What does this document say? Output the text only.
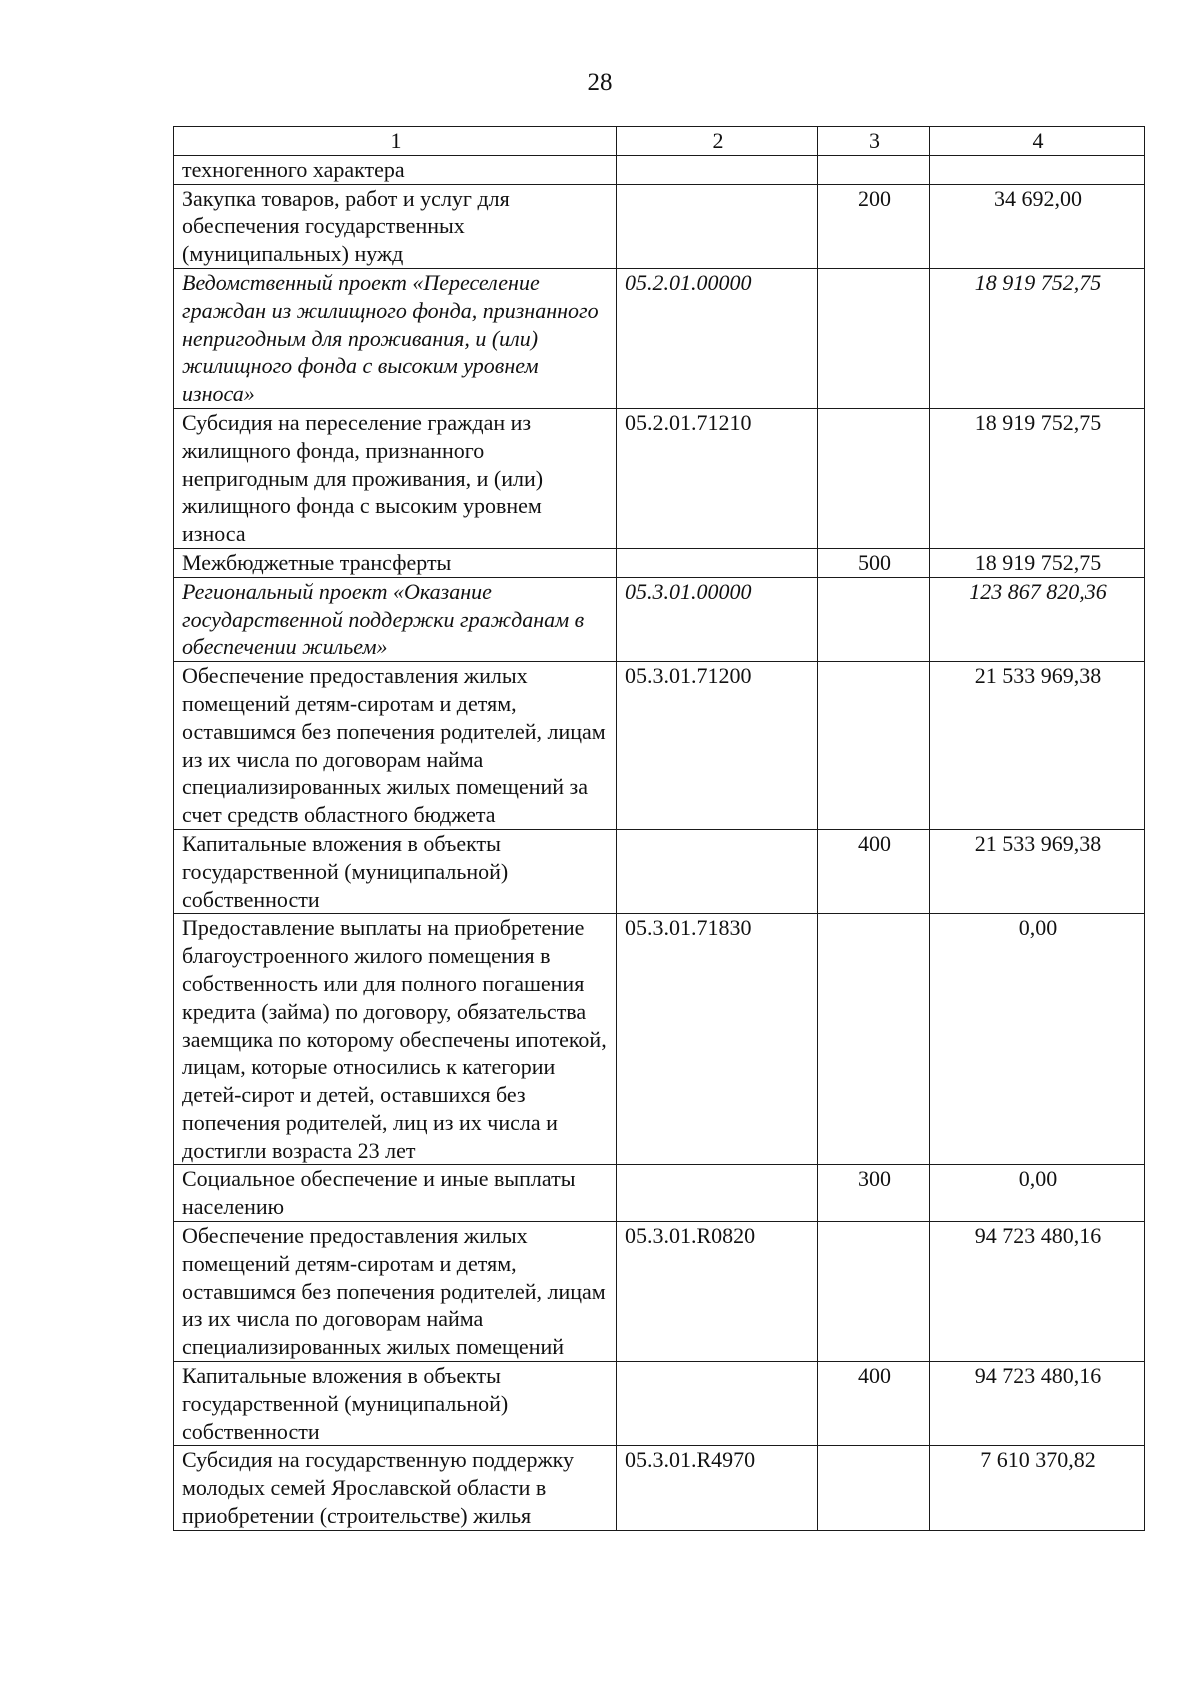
28
1	2	3	4
техногенного характера			
Закупка товаров, работ и услуг для обеспечения государственных (муниципальных) нужд		200	34 692,00
Ведомственный проект «Переселение граждан из жилищного фонда, признанного непригодным для проживания, и (или) жилищного фонда с высоким уровнем износа»	05.2.01.00000		18 919 752,75
Субсидия на переселение граждан из жилищного фонда, признанного непригодным для проживания, и (или) жилищного фонда с высоким уровнем износа	05.2.01.71210		18 919 752,75
Межбюджетные трансферты		500	18 919 752,75
Региональный проект «Оказание государственной поддержки гражданам в обеспечении жильем»	05.3.01.00000		123 867 820,36
Обеспечение предоставления жилых помещений детям-сиротам и детям, оставшимся без попечения родителей, лицам из их числа по договорам найма специализированных жилых помещений за счет средств областного бюджета	05.3.01.71200		21 533 969,38
Капитальные вложения в объекты государственной (муниципальной) собственности		400	21 533 969,38
Предоставление выплаты на приобретение благоустроенного жилого помещения в собственность или для полного погашения кредита (займа) по договору, обязательства заемщика по которому обеспечены ипотекой, лицам, которые относились к категории детей-сирот и детей, оставшихся без попечения родителей, лиц из их числа и достигли возраста 23 лет	05.3.01.71830		0,00
Социальное обеспечение и иные выплаты населению		300	0,00
Обеспечение предоставления жилых помещений детям-сиротам и детям, оставшимся без попечения родителей, лицам из их числа по договорам найма специализированных жилых помещений	05.3.01.R0820		94 723 480,16
Капитальные вложения в объекты государственной (муниципальной) собственности		400	94 723 480,16
Субсидия на государственную поддержку молодых семей Ярославской области в приобретении (строительстве) жилья	05.3.01.R4970		7 610 370,82
